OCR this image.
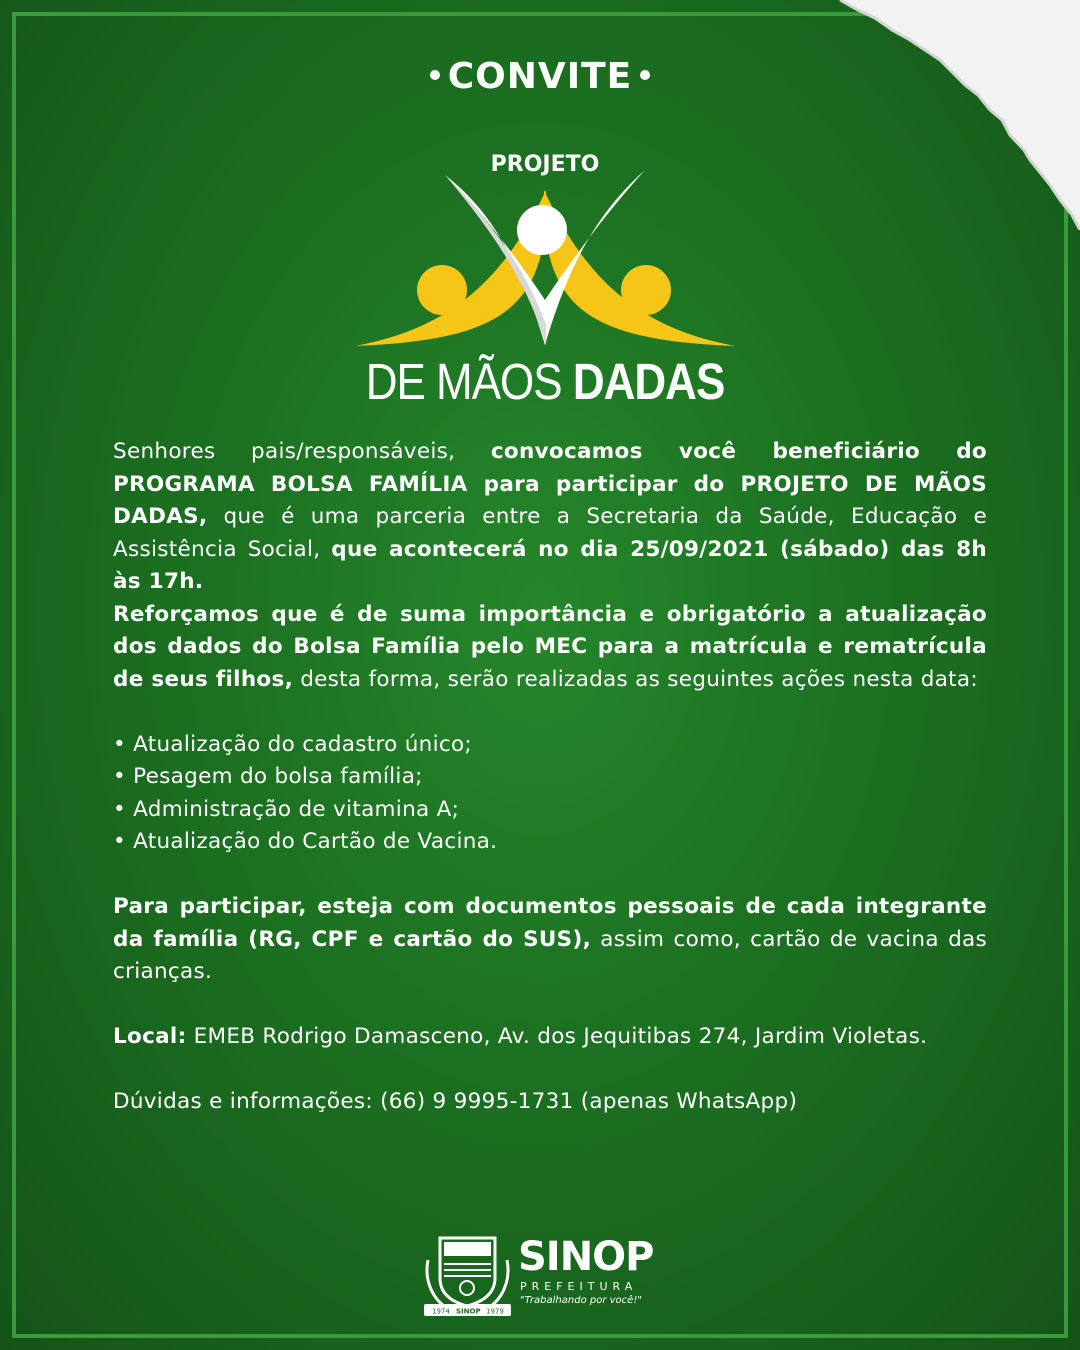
CONVITE
PROJETO
DE MÃOS DADAS

Senhores pais/responsáveis, convocamos você beneficiário do PROGRAMA BOLSA FAMÍLIA para participar do PROJETO DE MÃOS DADAS, que é uma parceria entre a Secretaria da Saúde, Educação e Assistência Social, que acontecerá no dia 25/09/2021 (sábado) das 8h às 17h.

Reforçamos que é de suma importância e obrigatório a atualização dos dados do Bolsa Família pelo MEC para a matrícula e rematrícula de seus filhos, desta forma, serão realizadas as seguintes ações nesta data:

• Atualização do cadastro único;
• Pesagem do bolsa família;
• Administração de vitamina A;
• Atualização do Cartão de Vacina.

Para participar, esteja com documentos pessoais de cada integrante da família (RG, CPF e cartão do SUS), assim como, cartão de vacina das crianças.

Local: EMEB Rodrigo Damasceno, Av. dos Jequitibas 274, Jardim Violetas.

Dúvidas e informações: (66) 9 9995-1731 (apenas WhatsApp)

1974 SINOP 1979
SINOP
PREFEITURA
"Trabalhando por você!"
